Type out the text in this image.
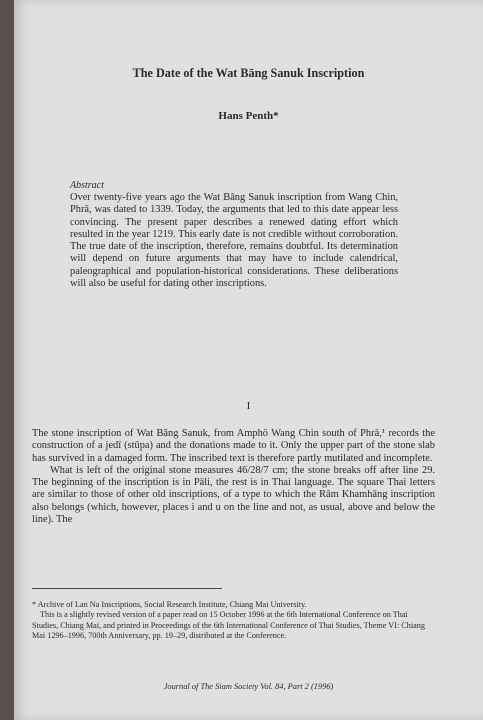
The Date of the Wat Bāng Sanuk Inscription
Hans Penth*
Abstract
Over twenty-five years ago the Wat Bāng Sanuk inscription from Wang Chin, Phrā, was dated to 1339. Today, the arguments that led to this date appear less convincing. The present paper describes a renewed dating effort which resulted in the year 1219. This early date is not credible without corroboration. The true date of the inscription, therefore, remains doubtful. Its determination will depend on future arguments that may have to include calendrical, paleographical and population-historical considerations. These deliberations will also be useful for dating other inscriptions.
I

The stone inscription of Wat Bāng Sanuk, from Amphö Wang Chin south of Phrā,¹ records the construction of a jedī (stūpa) and the donations made to it. Only the upper part of the stone slab has survived in a damaged form. The inscribed text is therefore partly mutilated and incomplete.

What is left of the original stone measures 46/28/7 cm; the stone breaks off after line 29. The beginning of the inscription is in Pāli, the rest is in Thai language. The square Thai letters are similar to those of other old inscriptions, of a type to which the Rām Khamhāng inscription also belongs (which, however, places i and u on the line and not, as usual, above and below the line). The

* Archive of Lan Na Inscriptions, Social Research Institute, Chiang Mai University.

This is a slightly revised version of a paper read on 15 October 1996 at the 6th International Conference on Thai Studies, Chiang Mai, and printed in Proceedings of the 6th International Conference of Thai Studies, Theme VI: Chiang Mai 1296–1996, 700th Anniversary, pp. 19–29, distributed at the Conference.

Journal of The Siam Society Vol. 84, Part 2 (1996)
